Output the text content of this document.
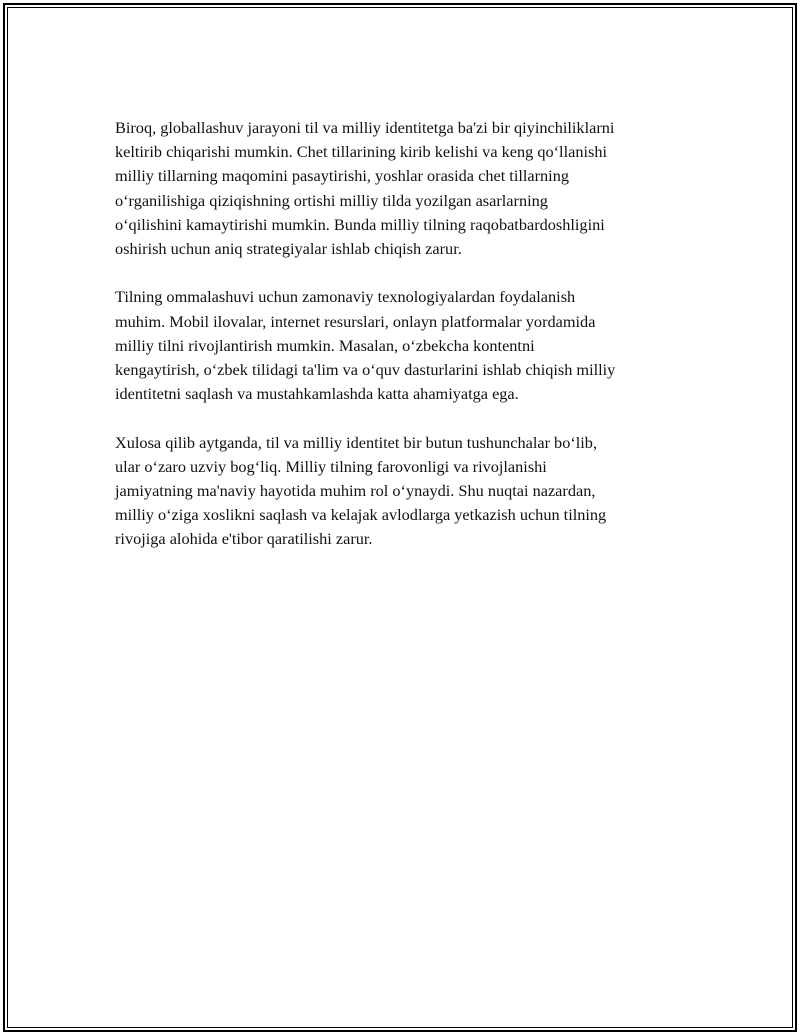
Biroq, globallashuv jarayoni til va milliy identitetga ba'zi bir qiyinchiliklarni
keltirib chiqarishi mumkin. Chet tillarining kirib kelishi va keng qo‘llanishi
milliy tillarning maqomini pasaytirishi, yoshlar orasida chet tillarning
o‘rganilishiga qiziqishning ortishi milliy tilda yozilgan asarlarning
o‘qilishini kamaytirishi mumkin. Bunda milliy tilning raqobatbardoshligini
oshirish uchun aniq strategiyalar ishlab chiqish zarur.

Tilning ommalashuvi uchun zamonaviy texnologiyalardan foydalanish
muhim. Mobil ilovalar, internet resurslari, onlayn platformalar yordamida
milliy tilni rivojlantirish mumkin. Masalan, o‘zbekcha kontentni
kengaytirish, o‘zbek tilidagi ta'lim va o‘quv dasturlarini ishlab chiqish milliy
identitetni saqlash va mustahkamlashda katta ahamiyatga ega.

Xulosa qilib aytganda, til va milliy identitet bir butun tushunchalar bo‘lib,
ular o‘zaro uzviy bog‘liq. Milliy tilning farovonligi va rivojlanishi
jamiyatning ma'naviy hayotida muhim rol o‘ynaydi. Shu nuqtai nazardan,
milliy o‘ziga xoslikni saqlash va kelajak avlodlarga yetkazish uchun tilning
rivojiga alohida e'tibor qaratilishi zarur.
